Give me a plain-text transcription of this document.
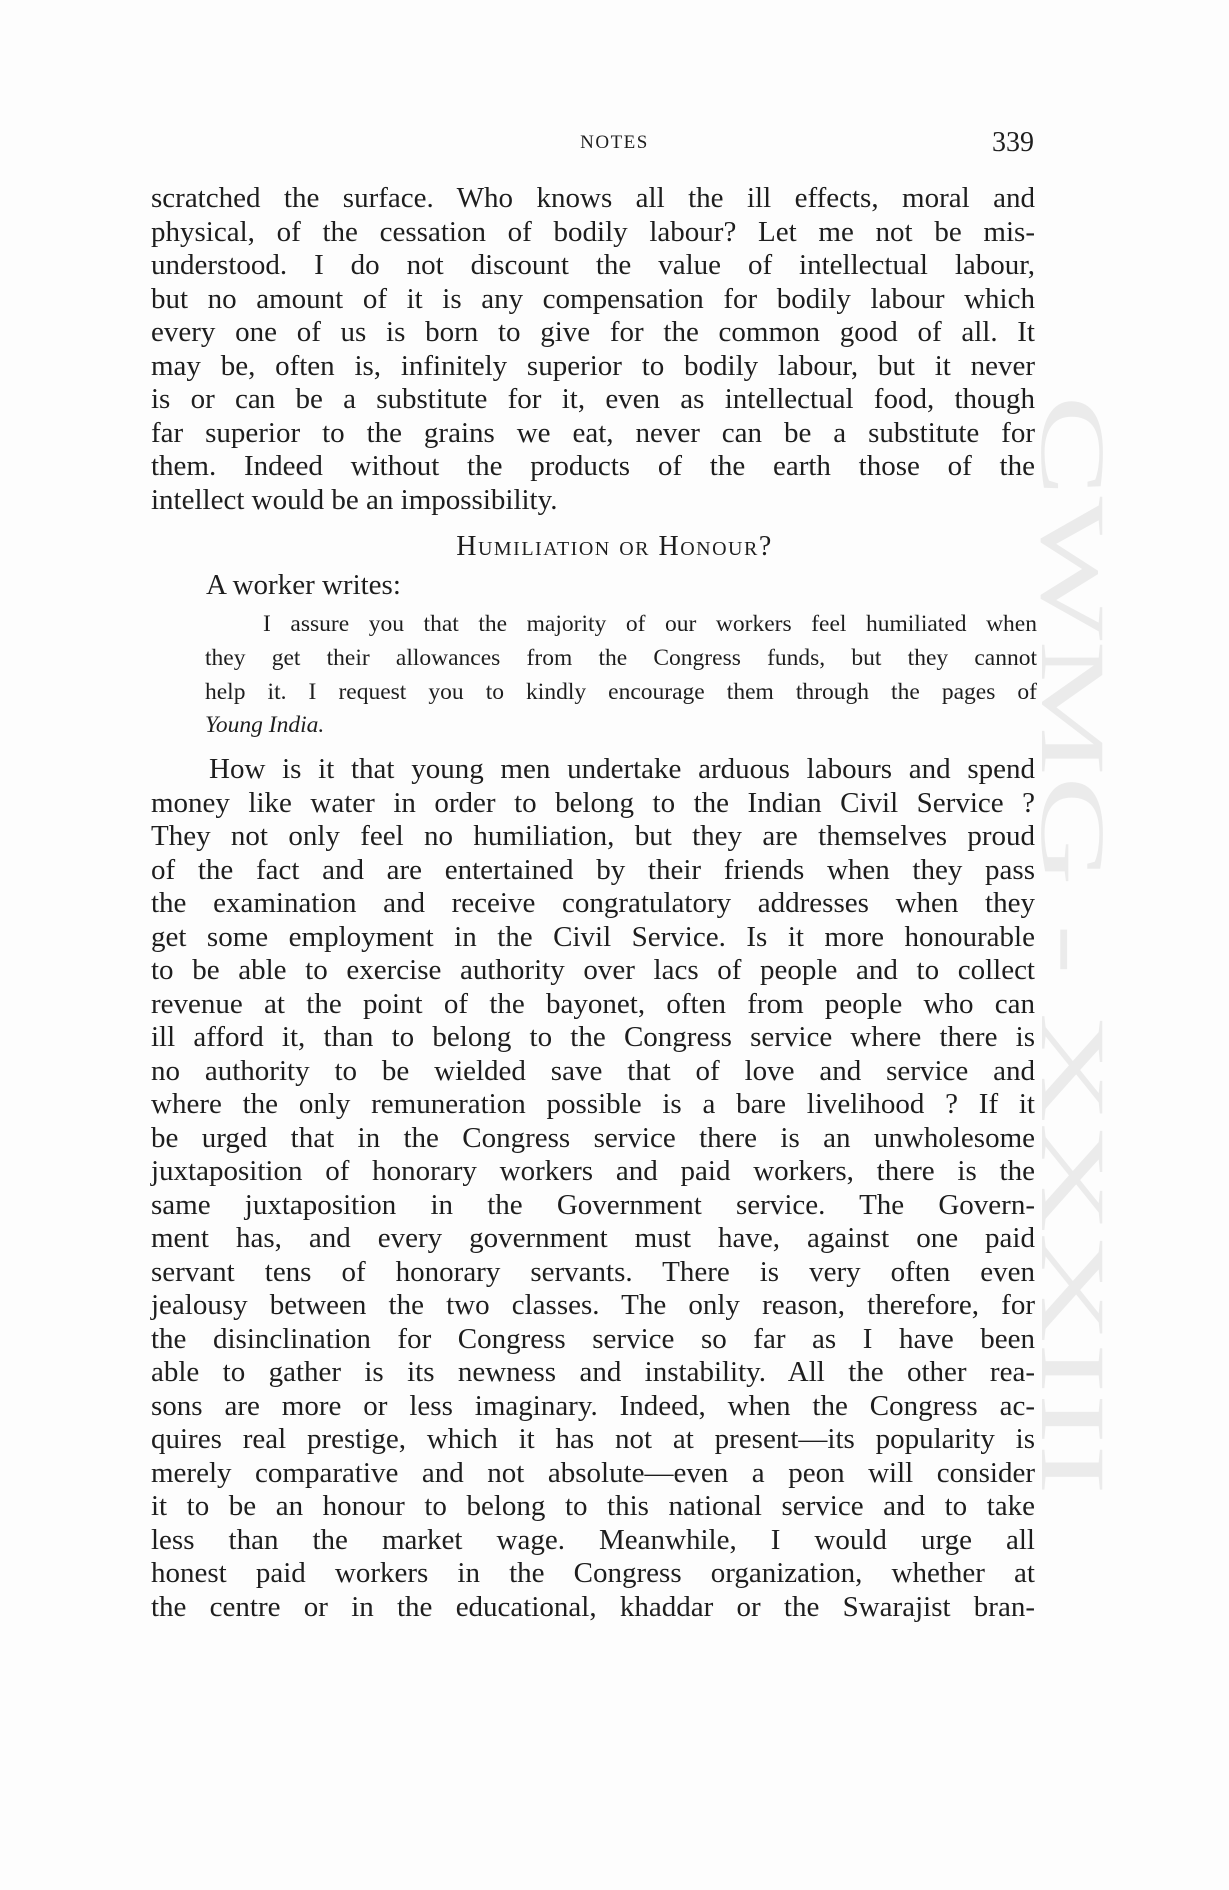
CWMG - XXXIII
NOTES	339
scratched the surface. Who knows all the ill effects, moral and
physical, of the cessation of bodily labour? Let me not be mis-
understood. I do not discount the value of intellectual labour,
but no amount of it is any compensation for bodily labour which
every one of us is born to give for the common good of all. It
may be, often is, infinitely superior to bodily labour, but it never
is or can be a substitute for it, even as intellectual food, though
far superior to the grains we eat, never can be a substitute for
them. Indeed without the products of the earth those of the
intellect would be an impossibility.
Humiliation or Honour?
A worker writes:
I assure you that the majority of our workers feel humiliated when
they get their allowances from the Congress funds, but they cannot
help it. I request you to kindly encourage them through the pages of
Young India.
How is it that young men undertake arduous labours and spend
money like water in order to belong to the Indian Civil Service ?
They not only feel no humiliation, but they are themselves proud
of the fact and are entertained by their friends when they pass
the examination and receive congratulatory addresses when they
get some employment in the Civil Service. Is it more honourable
to be able to exercise authority over lacs of people and to collect
revenue at the point of the bayonet, often from people who can
ill afford it, than to belong to the Congress service where there is
no authority to be wielded save that of love and service and
where the only remuneration possible is a bare livelihood ? If it
be urged that in the Congress service there is an unwholesome
juxtaposition of honorary workers and paid workers, there is the
same juxtaposition in the Government service. The Govern-
ment has, and every government must have, against one paid
servant tens of honorary servants. There is very often even
jealousy between the two classes. The only reason, therefore, for
the disinclination for Congress service so far as I have been
able to gather is its newness and instability. All the other rea-
sons are more or less imaginary. Indeed, when the Congress ac-
quires real prestige, which it has not at present—its popularity is
merely comparative and not absolute—even a peon will consider
it to be an honour to belong to this national service and to take
less than the market wage. Meanwhile, I would urge all
honest paid workers in the Congress organization, whether at
the centre or in the educational, khaddar or the Swarajist bran-
